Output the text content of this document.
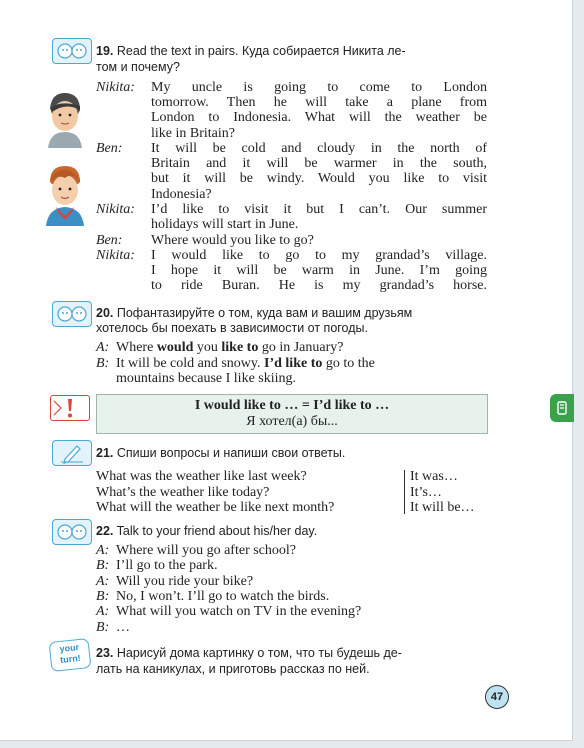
19. Read the text in pairs. Куда собирается Никита ле-
том и почему?
Nikita: My uncle is going to come to London
tomorrow. Then he will take a plane from
London to Indonesia. What will the weather be
like in Britain?
Ben: It will be cold and cloudy in the north of
Britain and it will be warmer in the south,
but it will be windy. Would you like to visit
Indonesia?
Nikita: I’d like to visit it but I can’t. Our summer
holidays will start in June.
Ben: Where would you like to go?
Nikita: I would like to go to my grandad’s village.
I hope it will be warm in June. I’m going
to ride Buran. He is my grandad’s horse.
20. Пофантазируйте о том, куда вам и вашим друзьям
хотелось бы поехать в зависимости от погоды.
A: Where would you like to go in January?
B: It will be cold and snowy. I’d like to go to the
mountains because I like skiing.
I would like to … = I’d like to …
Я хотел(а) бы...
21. Спиши вопросы и напиши свои ответы.
What was the weather like last week?
What’s the weather like today?
What will the weather be like next month?
It was…
It’s…
It will be…
22. Talk to your friend about his/her day.
A: Where will you go after school?
B: I’ll go to the park.
A: Will you ride your bike?
B: No, I won’t. I’ll go to watch the birds.
A: What will you watch on TV in the evening?
B: …
your
turn!	23. Нарисуй дома картинку о том, что ты будешь де-
лать на каникулах, и приготовь рассказ по ней.
47
